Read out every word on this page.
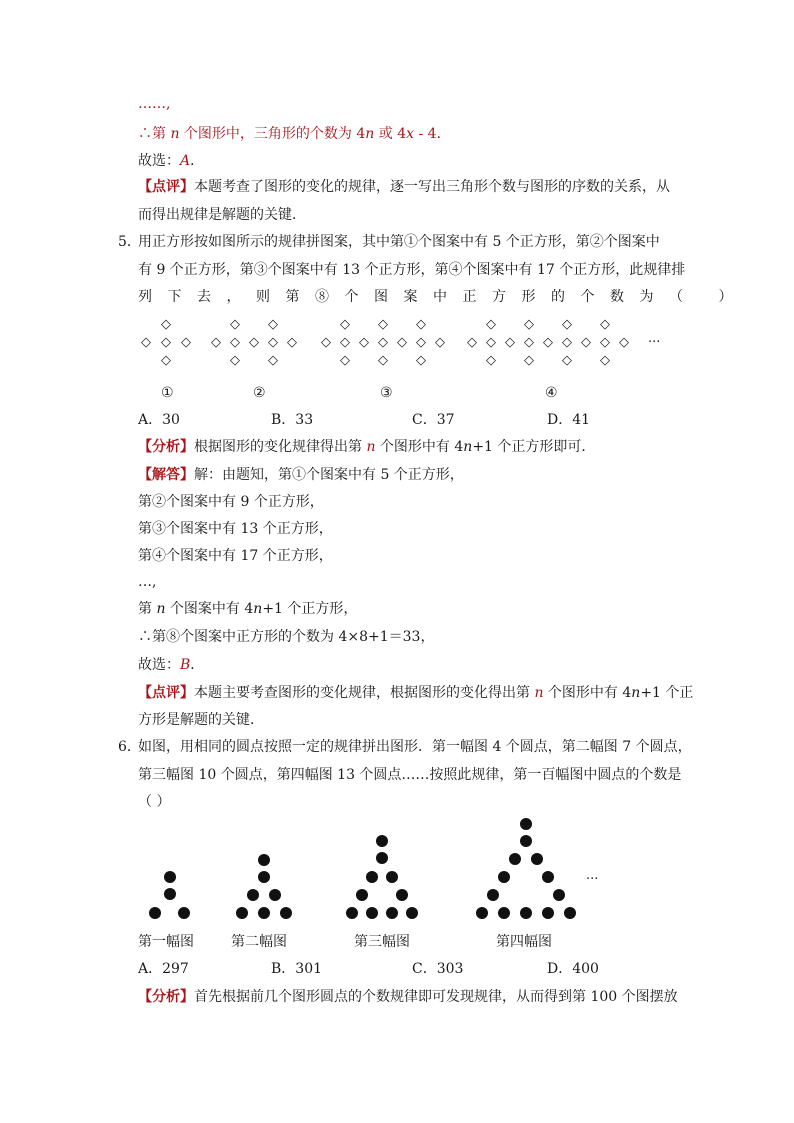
……,
∴第 n 个图形中，三角形的个数为 4n 或 4x - 4．
故选：A．
【点评】本题考查了图形的变化的规律，逐一写出三角形个数与图形的序数的关系，从
而得出规律是解题的关键．
5．
用正方形按如图所示的规律拼图案，其中第①个图案中有 5 个正方形，第②个图案中
有 9 个正方形，第③个图案中有 13 个正方形，第④个图案中有 17 个正方形，此规律排
列下去，则第⑧个图案中正方形的个数为（ ）
◇
◇ ◇ ◇
◇
◇ ◇
◇ ◇ ◇ ◇ ◇
◇ ◇
◇ ◇ ◇
◇ ◇ ◇ ◇ ◇ ◇ ◇
◇ ◇ ◇
◇ ◇ ◇ ◇
◇ ◇ ◇ ◇ ◇ ◇ ◇ ◇ ◇
◇ ◇ ◇ ◇
···
①	②	③	④
A．30	B．33	C．37	D．41
【分析】根据图形的变化规律得出第 n 个图形中有 4n+1 个正方形即可．
【解答】解：由题知，第①个图案中有 5 个正方形，
第②个图案中有 9 个正方形，
第③个图案中有 13 个正方形，
第④个图案中有 17 个正方形，
…,
第 n 个图案中有 4n+1 个正方形，
∴第⑧个图案中正方形的个数为 4×8+1＝33，
故选：B．
【点评】本题主要考查图形的变化规律，根据图形的变化得出第 n 个图形中有 4n+1 个正
方形是解题的关键．
6．
如图，用相同的圆点按照一定的规律拼出图形．第一幅图 4 个圆点，第二幅图 7 个圆点，
第三幅图 10 个圆点，第四幅图 13 个圆点……按照此规律，第一百幅图中圆点的个数是
（ ）
···
第一幅图	第二幅图	第三幅图	第四幅图
A．297	B．301	C．303	D．400
【分析】首先根据前几个图形圆点的个数规律即可发现规律，从而得到第 100 个图摆放
